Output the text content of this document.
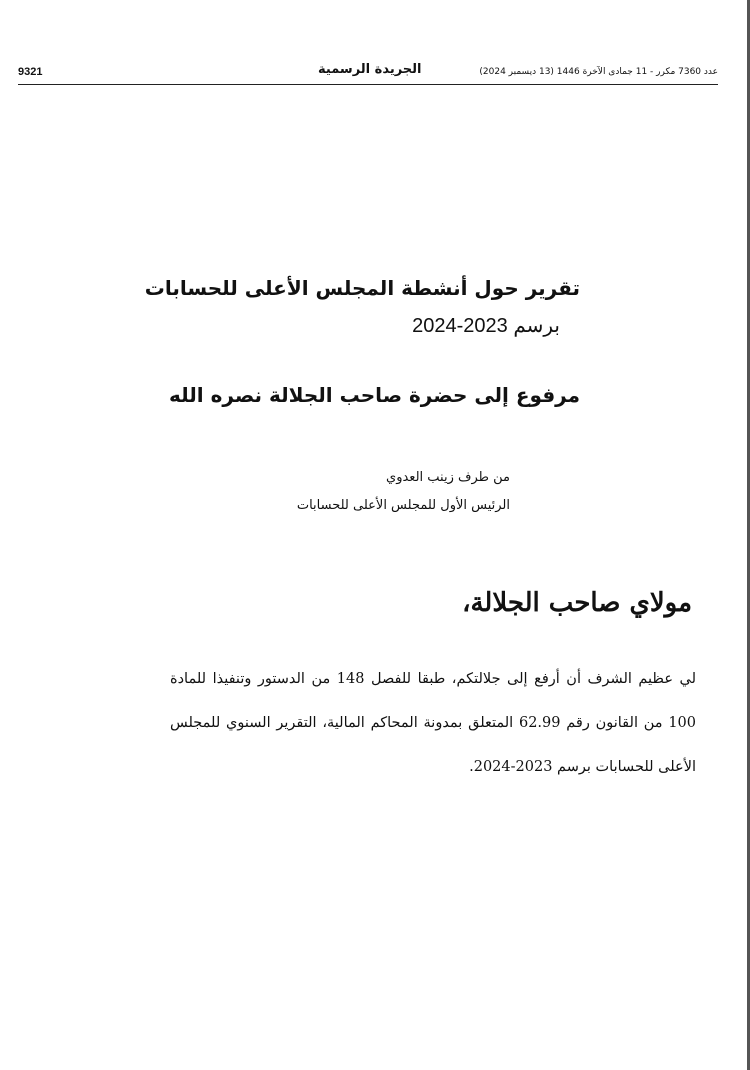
9321	الجريدة الرسمية	عدد 7360 مكرر - 11 جمادى الآخرة 1446 (13 ديسمبر 2024)
تقرير حول أنشطة المجلس الأعلى للحسابات
برسم 2023-2024
مرفوع إلى حضرة صاحب الجلالة نصره الله
من طرف زينب العدوي
الرئيس الأول للمجلس الأعلى للحسابات
مولاي صاحب الجلالة،
لي عظيم الشرف أن أرفع إلى جلالتكم، طبقا للفصل 148 من الدستور وتنفيذا للمادة 100 من القانون رقم 62.99 المتعلق بمدونة المحاكم المالية، التقرير السنوي للمجلس الأعلى للحسابات برسم 2023-2024.
